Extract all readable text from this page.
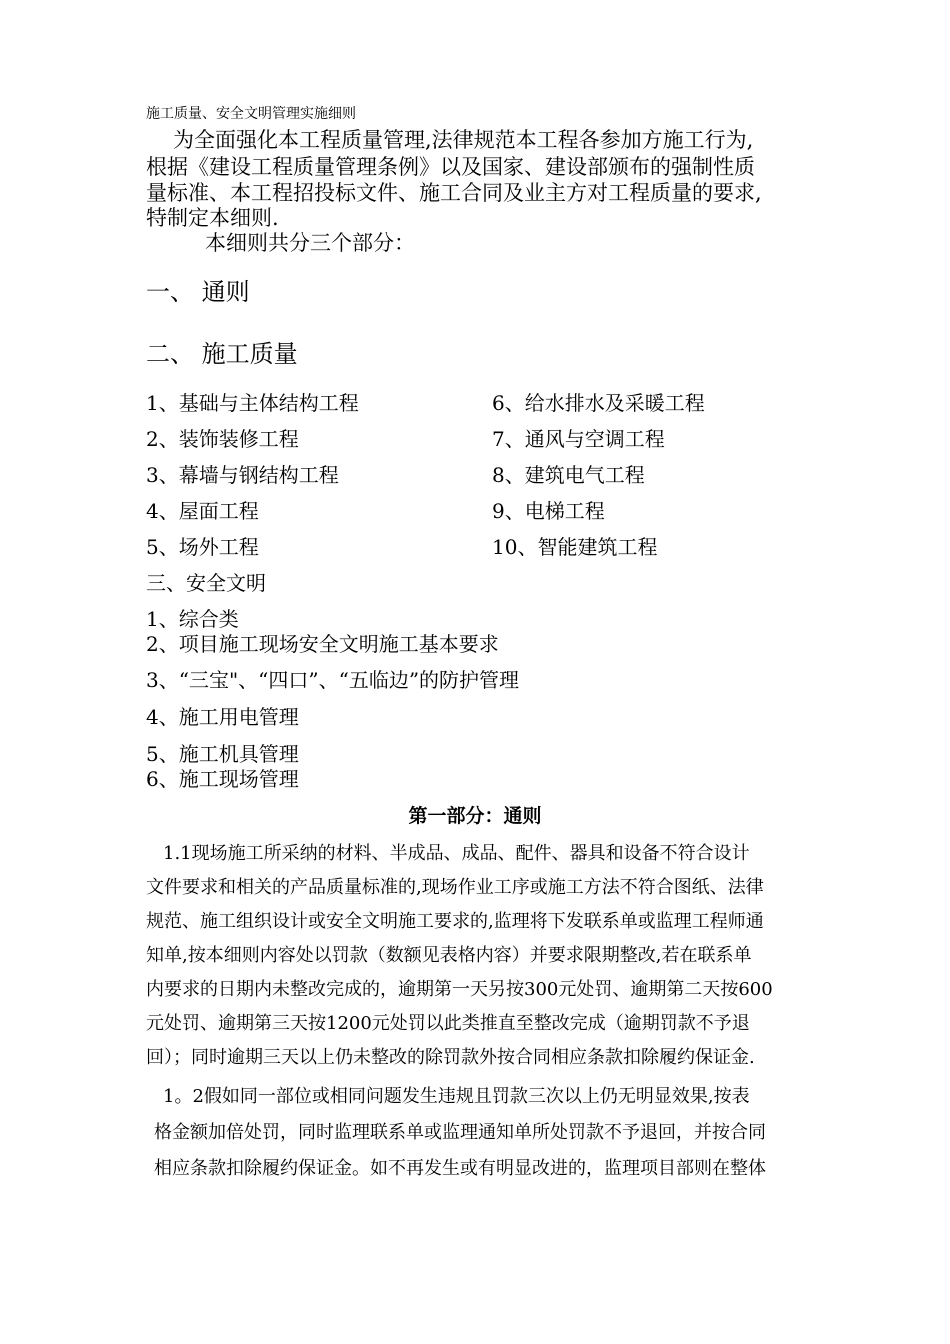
施工质量、安全文明管理实施细则
为全面强化本工程质量管理,法律规范本工程各参加方施工行为,
根据《建设工程质量管理条例》以及国家、建设部颁布的强制性质
量标准、本工程招投标文件、施工合同及业主方对工程质量的要求,
特制定本细则.
本细则共分三个部分：
一、 通则
二、 施工质量
1、基础与主体结构工程
2、装饰装修工程
3、幕墙与钢结构工程
4、屋面工程
5、场外工程
6、给水排水及采暖工程
7、通风与空调工程
8、建筑电气工程
9、电梯工程
10、智能建筑工程
三、安全文明
1、综合类
2、项目施工现场安全文明施工基本要求
3、“三宝"、“四口”、“五临边”的防护管理
4、施工用电管理
5、施工机具管理
6、施工现场管理
第一部分：通则
1.1现场施工所采纳的材料、半成品、成品、配件、器具和设备不符合设计
文件要求和相关的产品质量标准的,现场作业工序或施工方法不符合图纸、法律
规范、施工组织设计或安全文明施工要求的,监理将下发联系单或监理工程师通
知单,按本细则内容处以罚款（数额见表格内容）并要求限期整改,若在联系单
内要求的日期内未整改完成的，逾期第一天另按300元处罚、逾期第二天按600
元处罚、逾期第三天按1200元处罚以此类推直至整改完成（逾期罚款不予退
回）；同时逾期三天以上仍未整改的除罚款外按合同相应条款扣除履约保证金.
1。2假如同一部位或相同问题发生违规且罚款三次以上仍无明显效果,按表
格金额加倍处罚，同时监理联系单或监理通知单所处罚款不予退回，并按合同
相应条款扣除履约保证金。如不再发生或有明显改进的，监理项目部则在整体
